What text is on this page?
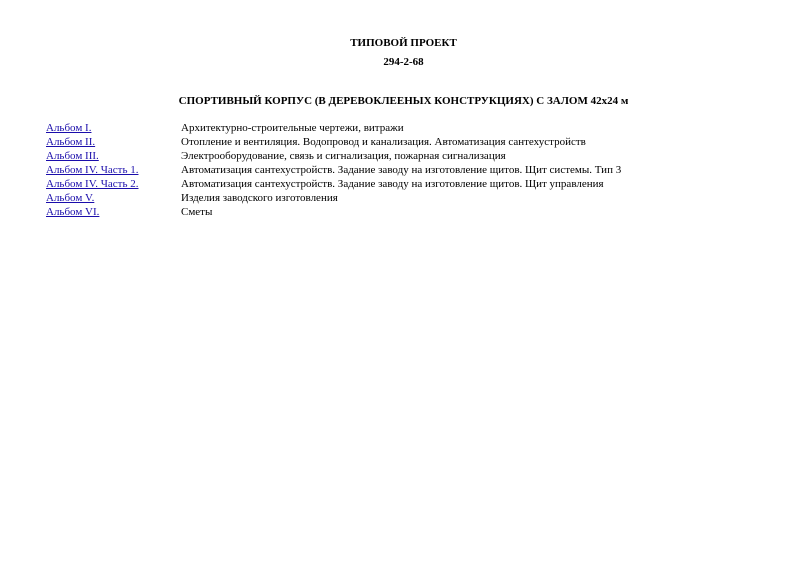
ТИПОВОЙ ПРОЕКТ
294-2-68
СПОРТИВНЫЙ КОРПУС (В ДЕРЕВОКЛЕЕНЫХ КОНСТРУКЦИЯХ) С ЗАЛОМ 42х24 м
Альбом I.	Архитектурно-строительные чертежи, витражи
Альбом II.	Отопление и вентиляция. Водопровод и канализация. Автоматизация сантехустройств
Альбом III.	Электрооборудование, связь и сигнализация, пожарная сигнализация
Альбом IV. Часть 1.	Автоматизация сантехустройств. Задание заводу на изготовление щитов. Щит системы. Тип 3
Альбом IV. Часть 2.	Автоматизация сантехустройств. Задание заводу на изготовление щитов. Щит управления
Альбом V.	Изделия заводского изготовления
Альбом VI.	Сметы
